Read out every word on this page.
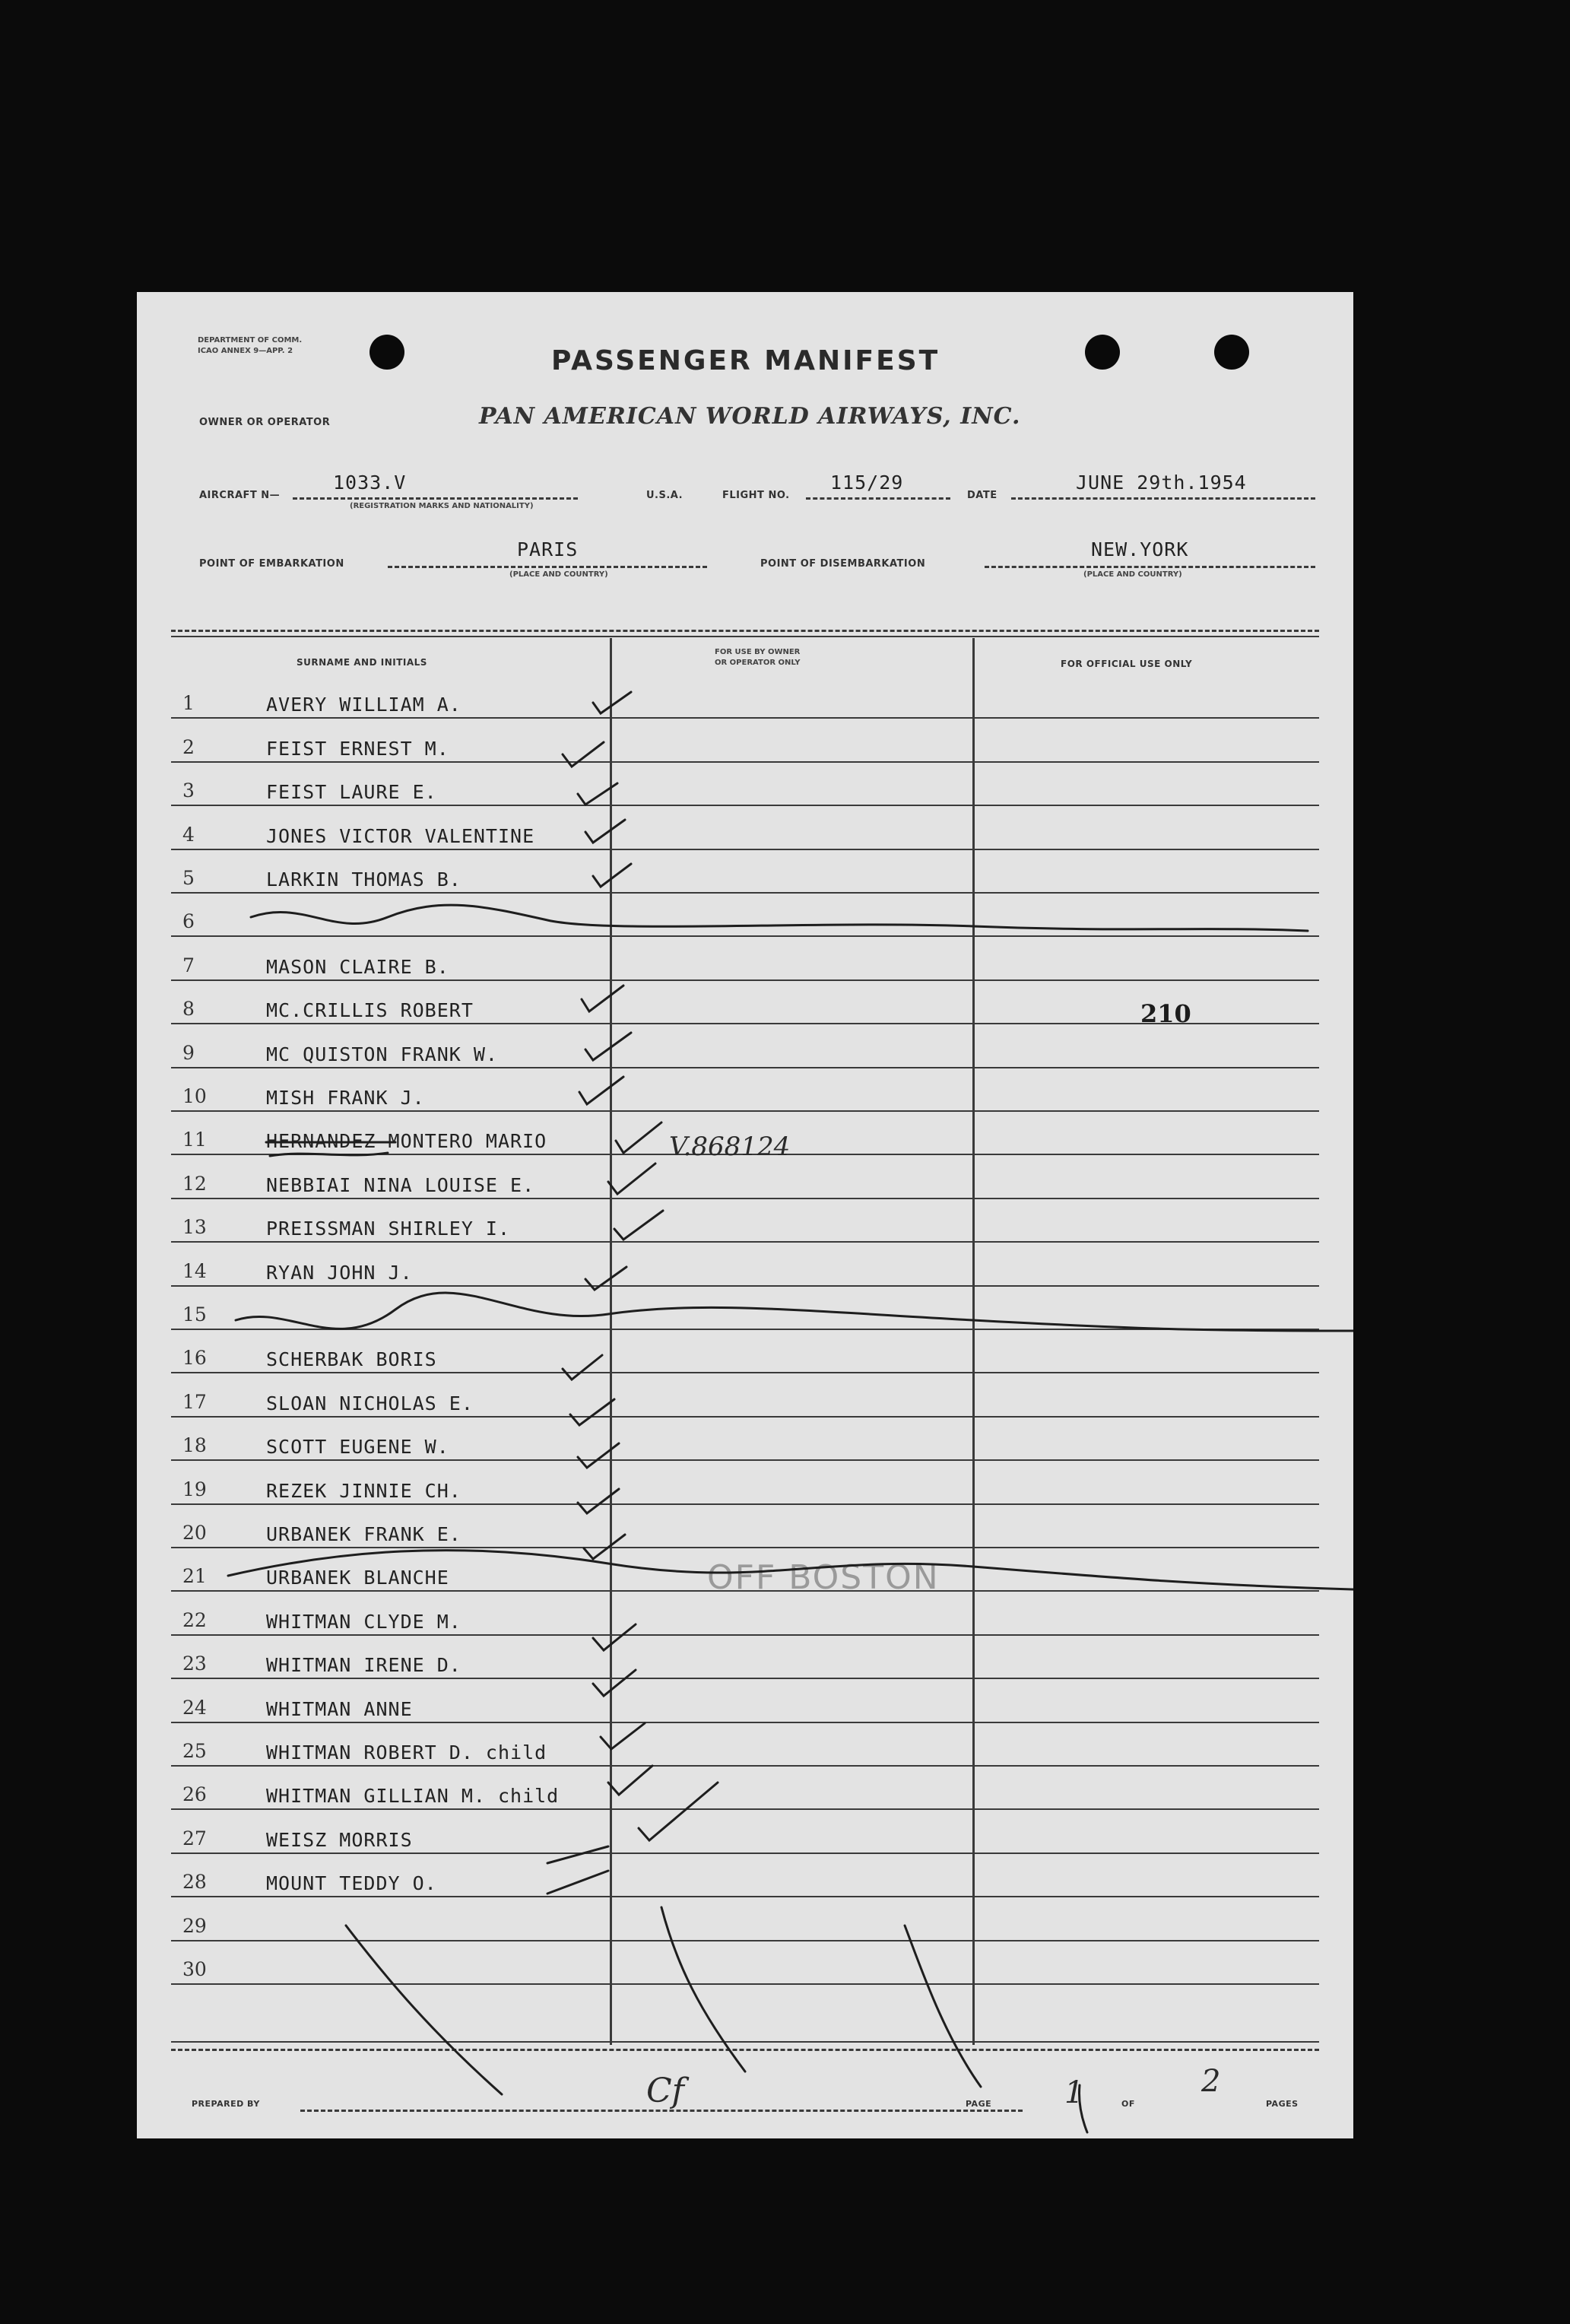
DEPARTMENT OF COMM.
ICAO ANNEX 9—APP. 2	PASSENGER MANIFEST
OWNER OR OPERATOR	PAN AMERICAN WORLD AIRWAYS, INC.
AIRCRAFT N—
1033.V
(REGISTRATION MARKS AND NATIONALITY)
U.S.A.	FLIGHT NO.
115/29
DATE
JUNE 29th.1954
POINT OF EMBARKATION
PARIS
(PLACE AND COUNTRY)
POINT OF DISEMBARKATION
NEW.YORK
(PLACE AND COUNTRY)
SURNAME AND INITIALS
FOR USE BY OWNER
OR OPERATOR ONLY	FOR OFFICIAL USE ONLY
1	AVERY WILLIAM A.
2	FEIST ERNEST M.
3	FEIST LAURE E.
4	JONES VICTOR VALENTINE
5	LARKIN THOMAS B.
6
7	MASON CLAIRE B.
8	MC.CRILLIS ROBERT
9	MC QUISTON FRANK W.
10	MISH FRANK J.
11	HERNANDEZ MONTERO MARIO
12	NEBBIAI NINA LOUISE E.
13	PREISSMAN SHIRLEY I.
14	RYAN JOHN J.
15
16	SCHERBAK BORIS
17	SLOAN NICHOLAS E.
18	SCOTT EUGENE W.
19	REZEK JINNIE CH.
20	URBANEK FRANK E.
21	URBANEK BLANCHE
22	WHITMAN CLYDE M.
23	WHITMAN IRENE D.
24	WHITMAN ANNE
25	WHITMAN ROBERT D. child
26	WHITMAN GILLIAN M. child
27	WEISZ MORRIS
28	MOUNT TEDDY O.
29
30
PREPARED BY	PAGE 1	OF
2
PAGES
V.868124
210
OFF BOSTON
Cf
